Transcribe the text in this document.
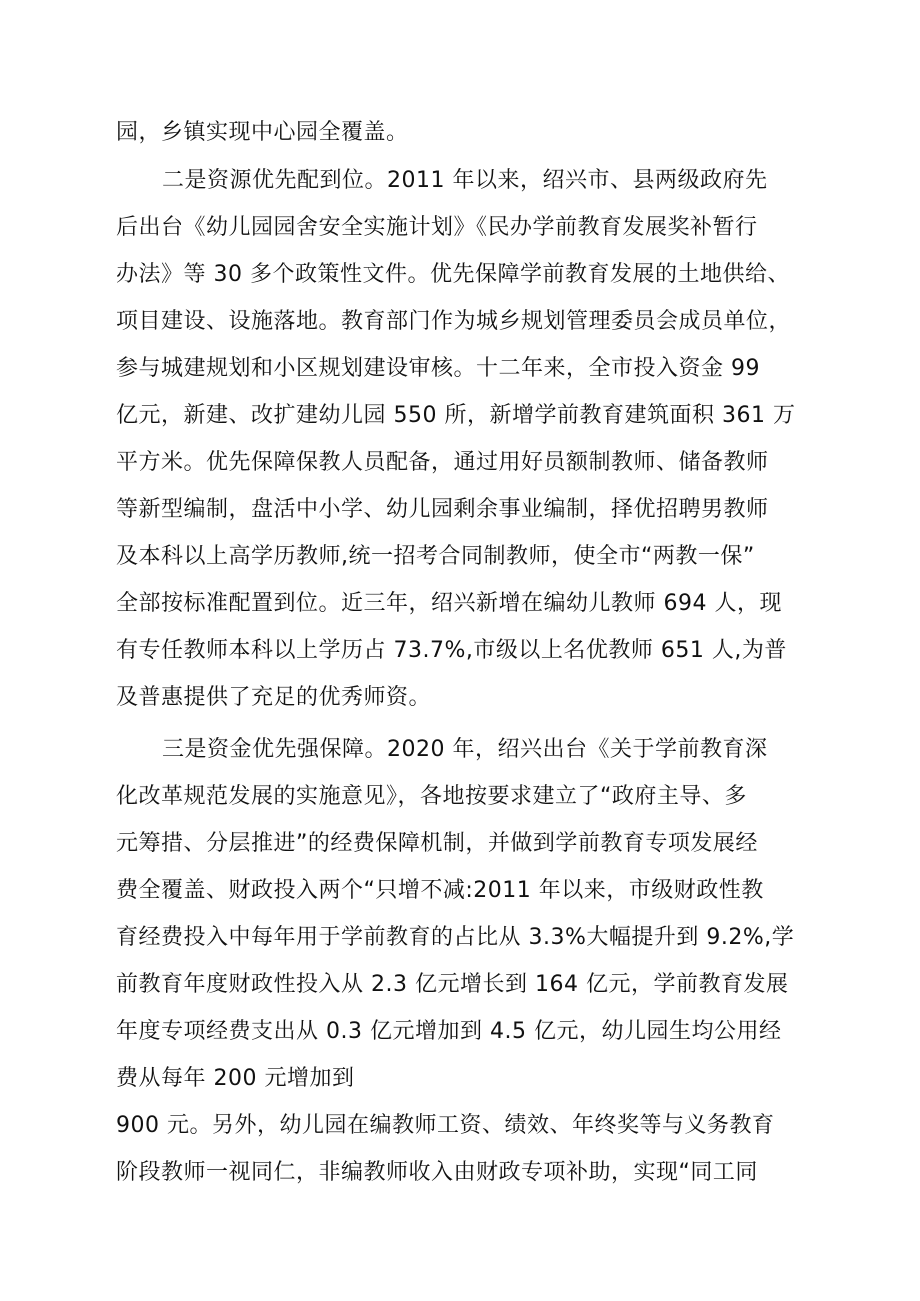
园，乡镇实现中心园全覆盖。
二是资源优先配到位。2011 年以来，绍兴市、县两级政府先
后出台《幼儿园园舍安全实施计划》《民办学前教育发展奖补暂行
办法》等 30 多个政策性文件。优先保障学前教育发展的土地供给、
项目建设、设施落地。教育部门作为城乡规划管理委员会成员单位，
参与城建规划和小区规划建设审核。十二年来，全市投入资金 99
亿元，新建、改扩建幼儿园 550 所，新增学前教育建筑面积 361 万
平方米。优先保障保教人员配备，通过用好员额制教师、储备教师
等新型编制，盘活中小学、幼儿园剩余事业编制，择优招聘男教师
及本科以上高学历教师,统一招考合同制教师，使全市“两教一保”
全部按标准配置到位。近三年，绍兴新增在编幼儿教师 694 人，现
有专任教师本科以上学历占 73.7%,市级以上名优教师 651 人,为普
及普惠提供了充足的优秀师资。
三是资金优先强保障。2020 年，绍兴出台《关于学前教育深
化改革规范发展的实施意见》，各地按要求建立了“政府主导、多
元筹措、分层推进”的经费保障机制，并做到学前教育专项发展经
费全覆盖、财政投入两个“只增不减:2011 年以来，市级财政性教
育经费投入中每年用于学前教育的占比从 3.3%大幅提升到 9.2%,学
前教育年度财政性投入从 2.3 亿元增长到 164 亿元，学前教育发展
年度专项经费支出从 0.3 亿元增加到 4.5 亿元，幼儿园生均公用经
费从每年 200 元增加到
900 元。另外，幼儿园在编教师工资、绩效、年终奖等与义务教育
阶段教师一视同仁，非编教师收入由财政专项补助，实现“同工同
